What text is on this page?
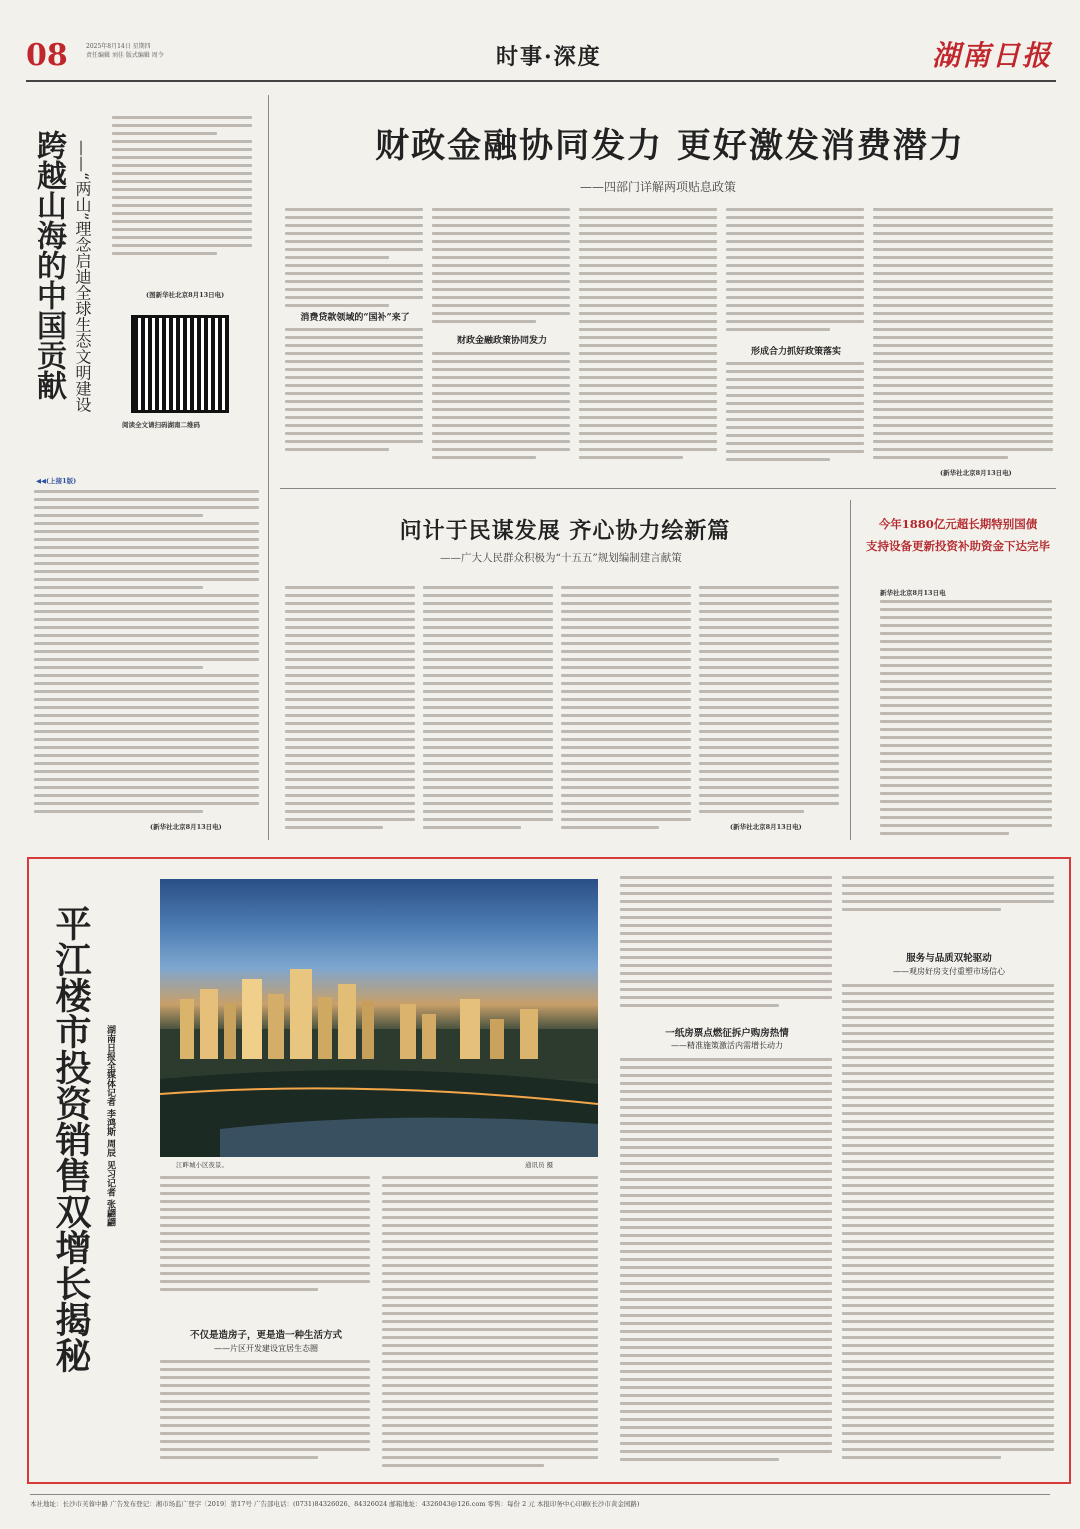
08	2025年8月14日 星期四
责任编辑 刘佳 版式编辑 周令	时事·深度	湖南日报
跨越山海的中国贡献 ——“两山”理念启迪全球生态文明建设	(图新华社北京8月13日电)
阅读全文请扫码湖南二维码
◀◀(上接1版)
(新华社北京8月13日电)
财政金融协同发力 更好激发消费潜力
——四部门详解两项贴息政策
消费贷款领域的“国补”来了
财政金融政策协同发力
形成合力抓好政策落实
(新华社北京8月13日电)
问计于民谋发展 齐心协力绘新篇
——广大人民群众积极为“十五五”规划编制建言献策
(新华社北京8月13日电)
今年1880亿元超长期特别国债
支持设备更新投资补助资金下达完毕
新华社北京8月13日电
平江楼市投资销售双增长揭秘 湖南日报全媒体记者 李鸿斯 周辰 见习记者 张翩翩	江畔城小区夜景。	通讯员 摄
不仅是造房子，更是造一种生活方式
——片区开发建设宜居生态圈
一纸房票点燃征拆户购房热情
——精准施策激活内需增长动力
服务与品质双轮驱动
——观房好房支付重塑市场信心
本社地址：长沙市芙蓉中路 广告发布登记：湘市场监广登字〔2019〕第17号 广告部电话：(0731)84326026、84326024 邮箱地址：4326043@126.com 零售：每份 2 元 本报印务中心印刷(长沙市黄金园路)
